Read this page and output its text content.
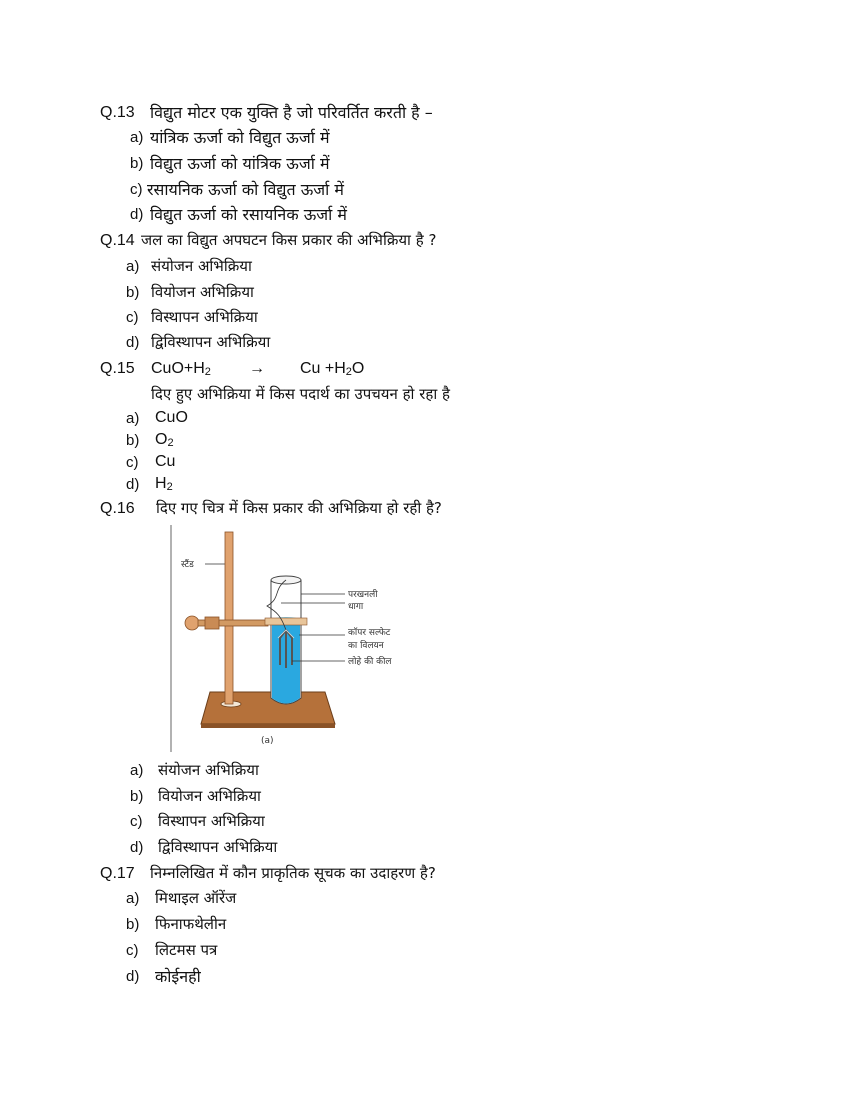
Q.13 विद्युत मोटर एक युक्ति है जो परिवर्तित करती है –
a) यांत्रिक ऊर्जा को विद्युत ऊर्जा में
b) विद्युत ऊर्जा को यांत्रिक ऊर्जा में
c) रसायनिक ऊर्जा को विद्युत ऊर्जा में
d) विद्युत ऊर्जा को रसायनिक ऊर्जा में
Q.14 जल का विद्युत अपघटन किस प्रकार की अभिक्रिया है ?
a) संयोजन अभिक्रिया
b) वियोजन अभिक्रिया
c) विस्थापन अभिक्रिया
d) द्विविस्थापन अभिक्रिया
Q.15 $CuO+H_2 \to Cu +H_2O$
दिए हुए अभिक्रिया में किस पदार्थ का उपचयन हो रहा है
a) CuO
b) $O_2$
c) Cu
d) $H_2$
Q.16 दिए गए चित्र में किस प्रकार की अभिक्रिया हो रही है?
स्टैंड
परखनली
धागा
कॉपर सल्फेट
का विलयन
लोहे की कील
(a)
a) संयोजन अभिक्रिया
b) वियोजन अभिक्रिया
c) विस्थापन अभिक्रिया
d) द्विविस्थापन अभिक्रिया
Q.17 निम्नलिखित में कौन प्राकृतिक सूचक का उदाहरण है?
a) मिथाइल ऑरेंज
b) फिनाफथेलीन
c) लिटमस पत्र
d) कोईनही
